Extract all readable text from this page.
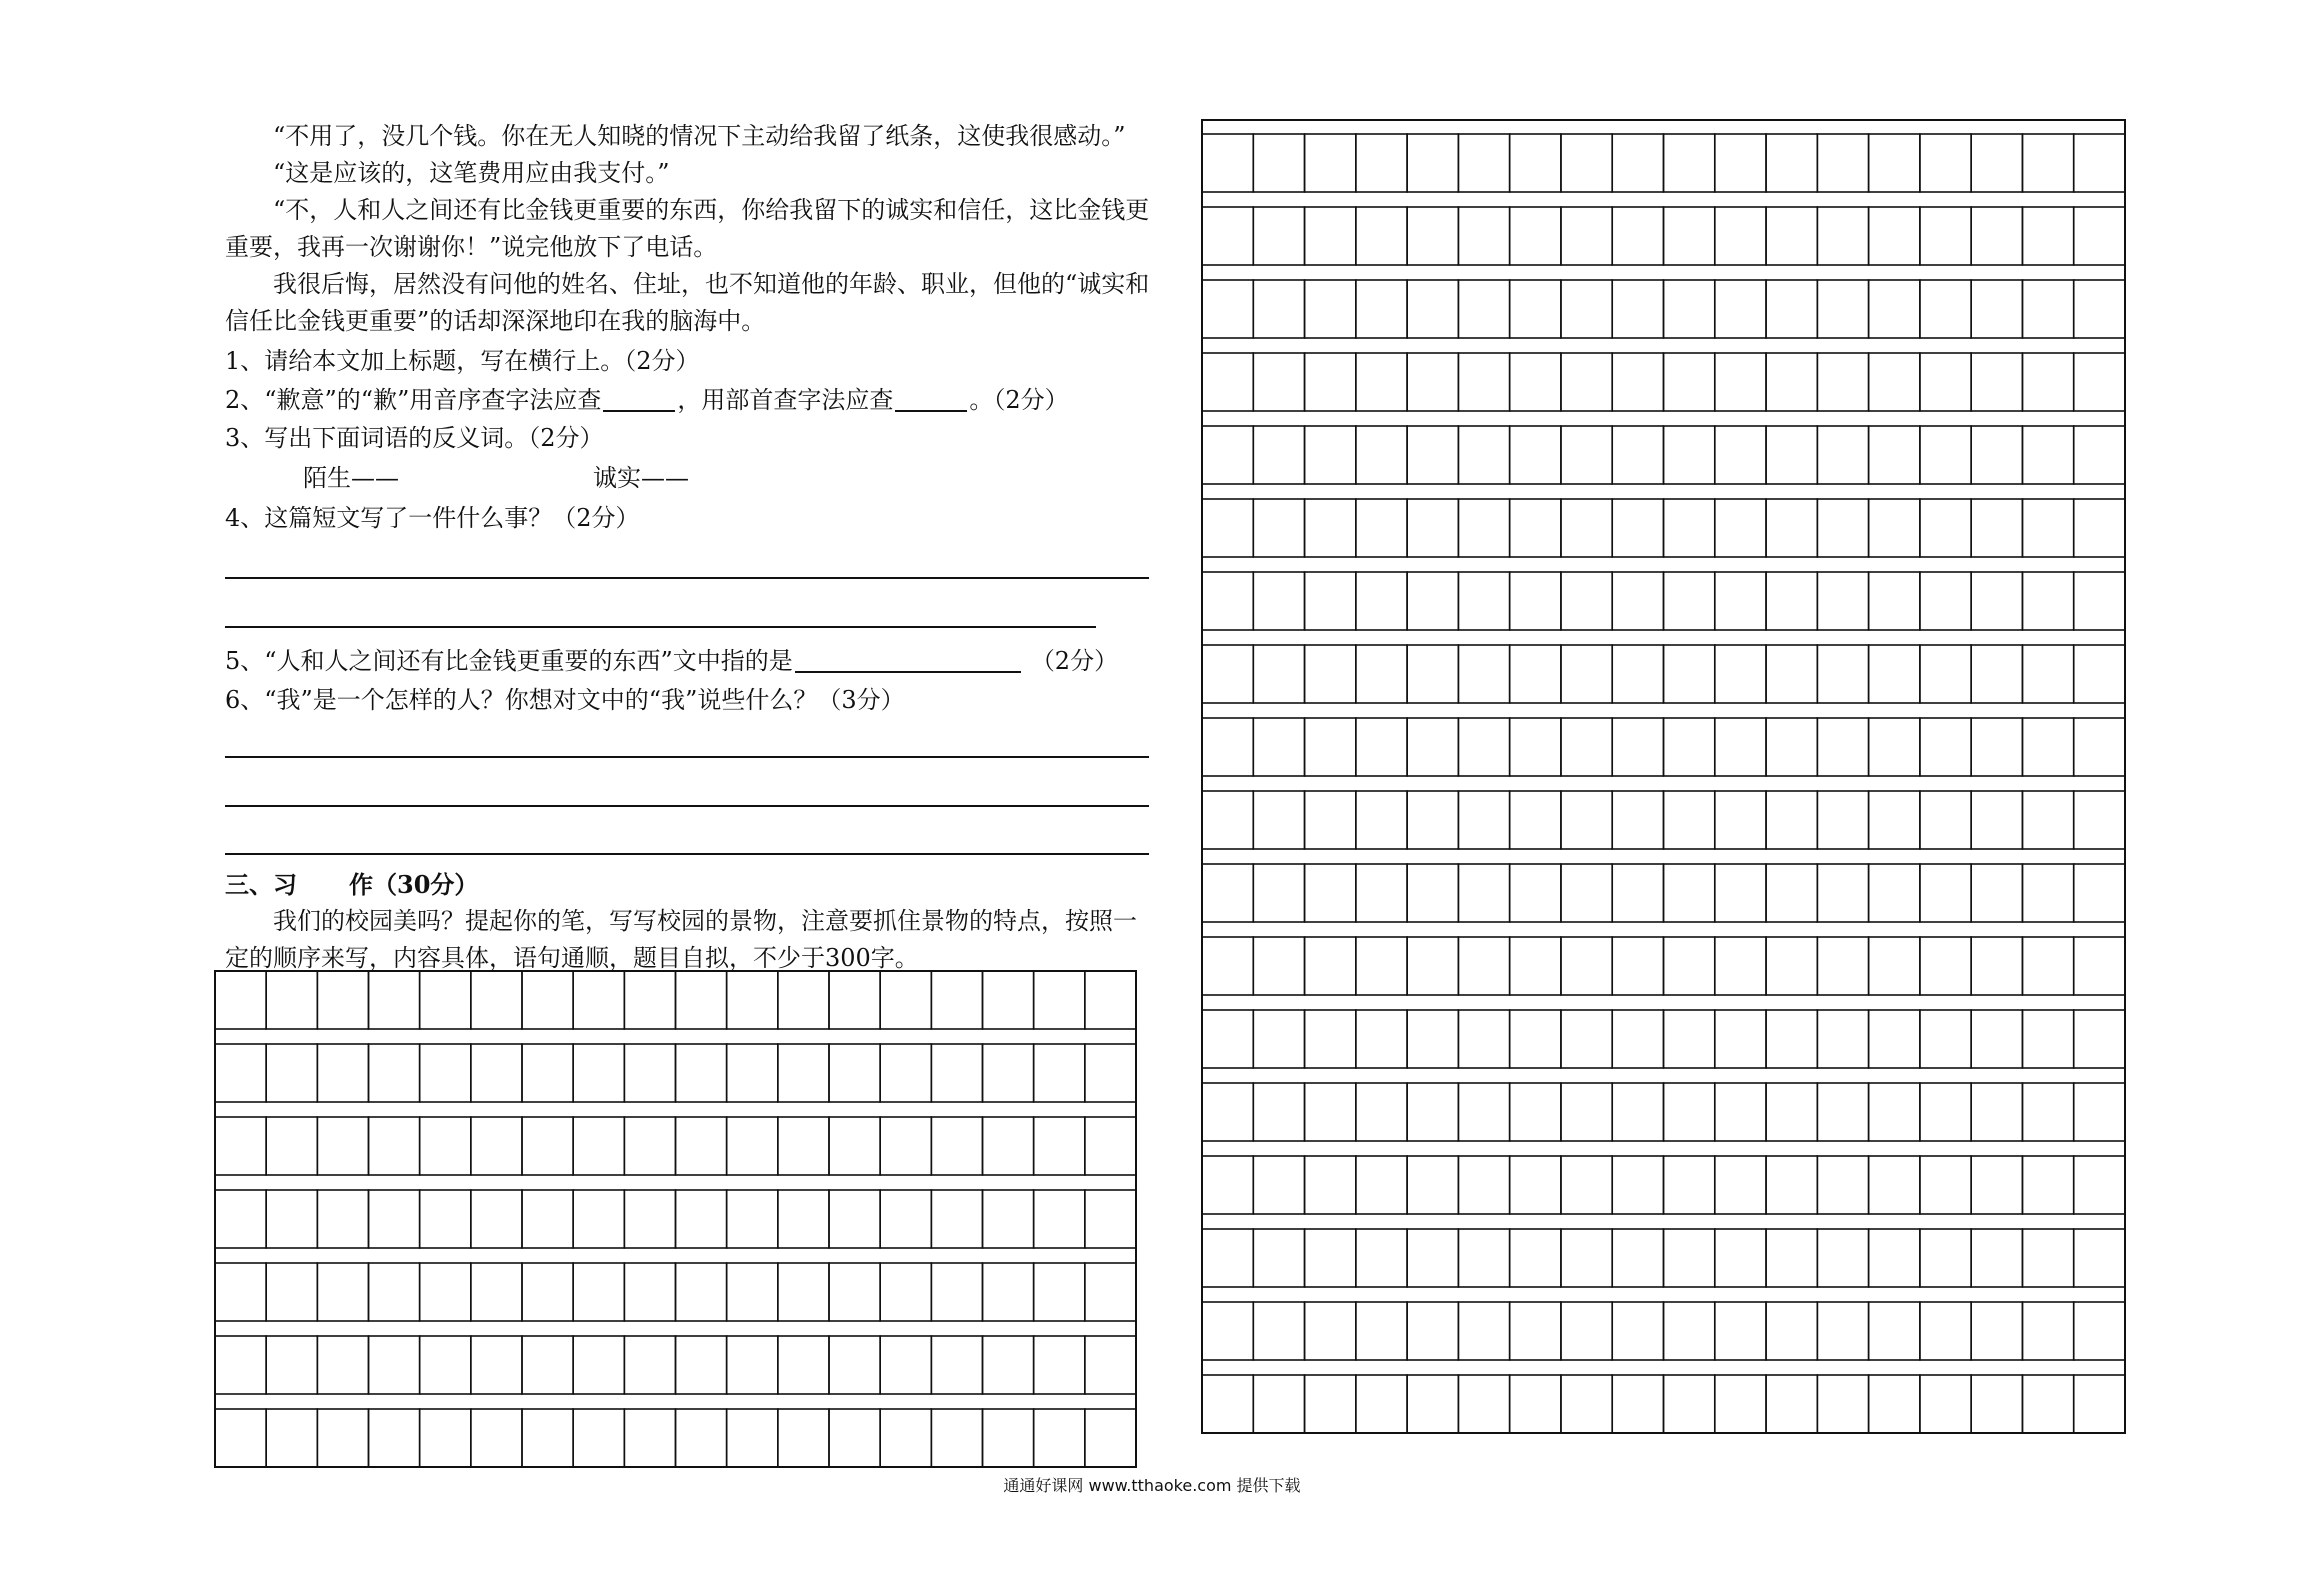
“不用了，没几个钱。你在无人知晓的情况下主动给我留了纸条，这使我很感动。”
“这是应该的，这笔费用应由我支付。”
“不，人和人之间还有比金钱更重要的东西，你给我留下的诚实和信任，这比金钱更重要，我再一次谢谢你！”说完他放下了电话。
我很后悔，居然没有问他的姓名、住址，也不知道他的年龄、职业，但他的“诚实和信任比金钱更重要”的话却深深地印在我的脑海中。
1、请给本文加上标题，写在横行上。（2分）
2、“歉意”的“歉”用音序查字法应查	，用部首查字法应查	。（2分）
3、写出下面词语的反义词。（2分）
陌生——	诚实——
4、这篇短文写了一件什么事？（2分）
5、“人和人之间还有比金钱更重要的东西”文中指的是	（2分）
6、“我”是一个怎样的人？你想对文中的“我”说些什么？（3分）
三、习 作（30分）
我们的校园美吗？提起你的笔，写写校园的景物，注意要抓住景物的特点，按照一定的顺序来写，内容具体，语句通顺，题目自拟，不少于300字。
通通好课网 www.tthaoke.com 提供下载
